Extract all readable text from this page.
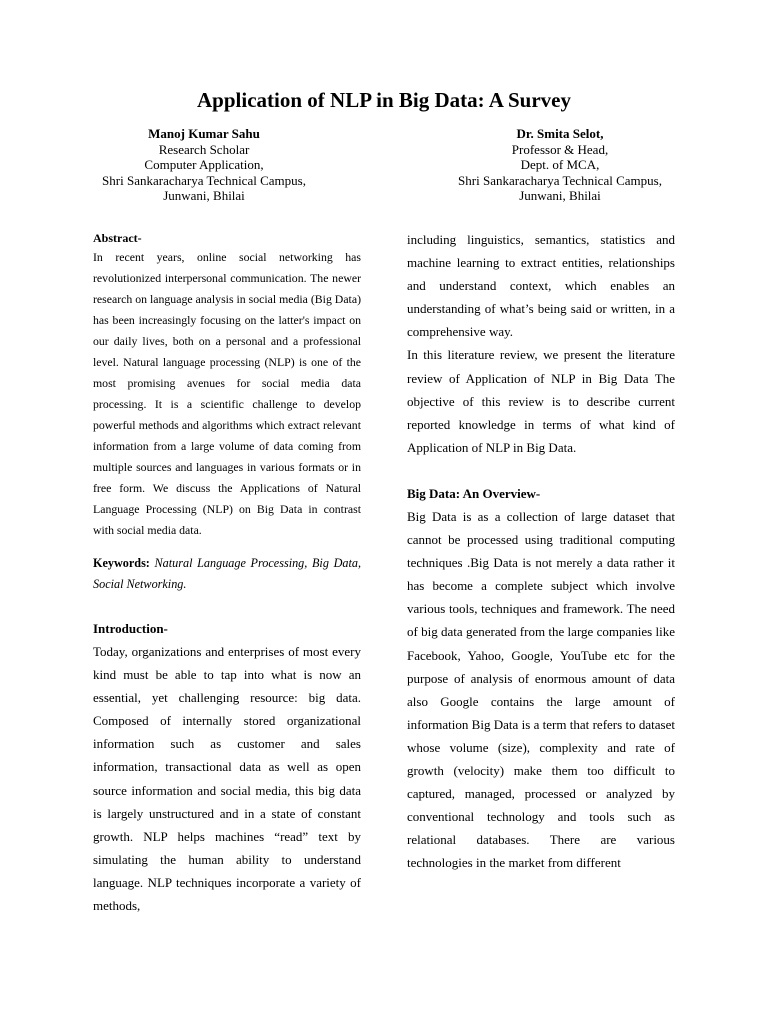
Application of NLP in Big Data: A Survey
Manoj Kumar Sahu
Research Scholar
Computer Application,
Shri Sankaracharya Technical Campus,
Junwani, Bhilai
Dr. Smita Selot,
Professor & Head,
Dept. of MCA,
Shri Sankaracharya Technical Campus,
Junwani, Bhilai
Abstract-

In recent years, online social networking has revolutionized interpersonal communication. The newer research on language analysis in social media (Big Data) has been increasingly focusing on the latter's impact on our daily lives, both on a personal and a professional level. Natural language processing (NLP) is one of the most promising avenues for social media data processing. It is a scientific challenge to develop powerful methods and algorithms which extract relevant information from a large volume of data coming from multiple sources and languages in various formats or in free form. We discuss the Applications of Natural Language Processing (NLP) on Big Data in contrast with social media data.

Keywords: Natural Language Processing, Big Data, Social Networking.
Introduction-

Today, organizations and enterprises of most every kind must be able to tap into what is now an essential, yet challenging resource: big data. Composed of internally stored organizational information such as customer and sales information, transactional data as well as open source information and social media, this big data is largely unstructured and in a state of constant growth. NLP helps machines “read” text by simulating the human ability to understand language. NLP techniques incorporate a variety of methods,

including linguistics, semantics, statistics and machine learning to extract entities, relationships and understand context, which enables an understanding of what’s being said or written, in a comprehensive way.

In this literature review, we present the literature review of Application of NLP in Big Data The objective of this review is to describe current reported knowledge in terms of what kind of Application of NLP in Big Data.

Big Data: An Overview-

Big Data is as a collection of large dataset that cannot be processed using traditional computing techniques .Big Data is not merely a data rather it has become a complete subject which involve various tools, techniques and framework. The need of big data generated from the large companies like Facebook, Yahoo, Google, YouTube etc for the purpose of analysis of enormous amount of data also Google contains the large amount of information Big Data is a term that refers to dataset whose volume (size), complexity and rate of growth (velocity) make them too difficult to captured, managed, processed or analyzed by conventional technology and tools such as relational databases. There are various technologies in the market from different
